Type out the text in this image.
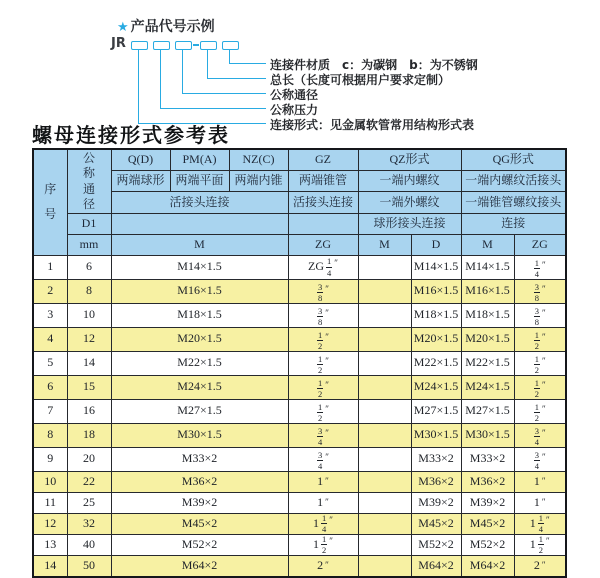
★ 产品代号示例
JR
连接件材质　c：为碳钢　b：为不锈钢
总长（长度可根据用户要求定制）
公称通径
公称压力
连接形式：见金属软管常用结构形式表
螺母连接形式参考表
序
号	公
称
通
径	Q(D)	PM(A)	NZ(C)	GZ	QZ形式		QG形式	
		两端球形	两端平面	两端内锥	两端锥管	一端内螺纹		一端内螺纹活接头	
		活接头连接			活接头连接	一端外螺纹		一端锥管螺纹接头	
	D1					球形接头连接		连接	
	mm	M			ZG	M	D	M	ZG
1	6	M14×1.5			ZG $\frac{1}{4}$ ″		M14×1.5	M14×1.5	$\frac{1}{4}$ ″

2	8	M16×1.5			$\frac{3}{8}$ ″		M16×1.5	M16×1.5	$\frac{3}{8}$ ″

3	10	M18×1.5			$\frac{3}{8}$ ″		M18×1.5	M18×1.5	$\frac{3}{8}$ ″

4	12	M20×1.5			$\frac{1}{2}$ ″		M20×1.5	M20×1.5	$\frac{1}{2}$ ″

5	14	M22×1.5			$\frac{1}{2}$ ″		M22×1.5	M22×1.5	$\frac{1}{2}$ ″

6	15	M24×1.5			$\frac{1}{2}$ ″		M24×1.5	M24×1.5	$\frac{1}{2}$ ″

7	16	M27×1.5			$\frac{1}{2}$ ″		M27×1.5	M27×1.5	$\frac{1}{2}$ ″

8	18	M30×1.5			$\frac{3}{4}$ ″		M30×1.5	M30×1.5	$\frac{3}{4}$ ″

9	20	M33×2			$\frac{3}{4}$ ″		M33×2	M33×2	$\frac{3}{4}$ ″

10	22	M36×2			1 ″		M36×2	M36×2	1 ″

11	25	M39×2			1 ″		M39×2	M39×2	1 ″

12	32	M45×2			$1 \frac{1}{4}$ ″		M45×2	M45×2	$1 \frac{1}{4}$ ″

13	40	M52×2			$1 \frac{1}{2}$ ″		M52×2	M52×2	$1 \frac{1}{2}$ ″

14	50	M64×2			2 ″		M64×2	M64×2	2 ″
